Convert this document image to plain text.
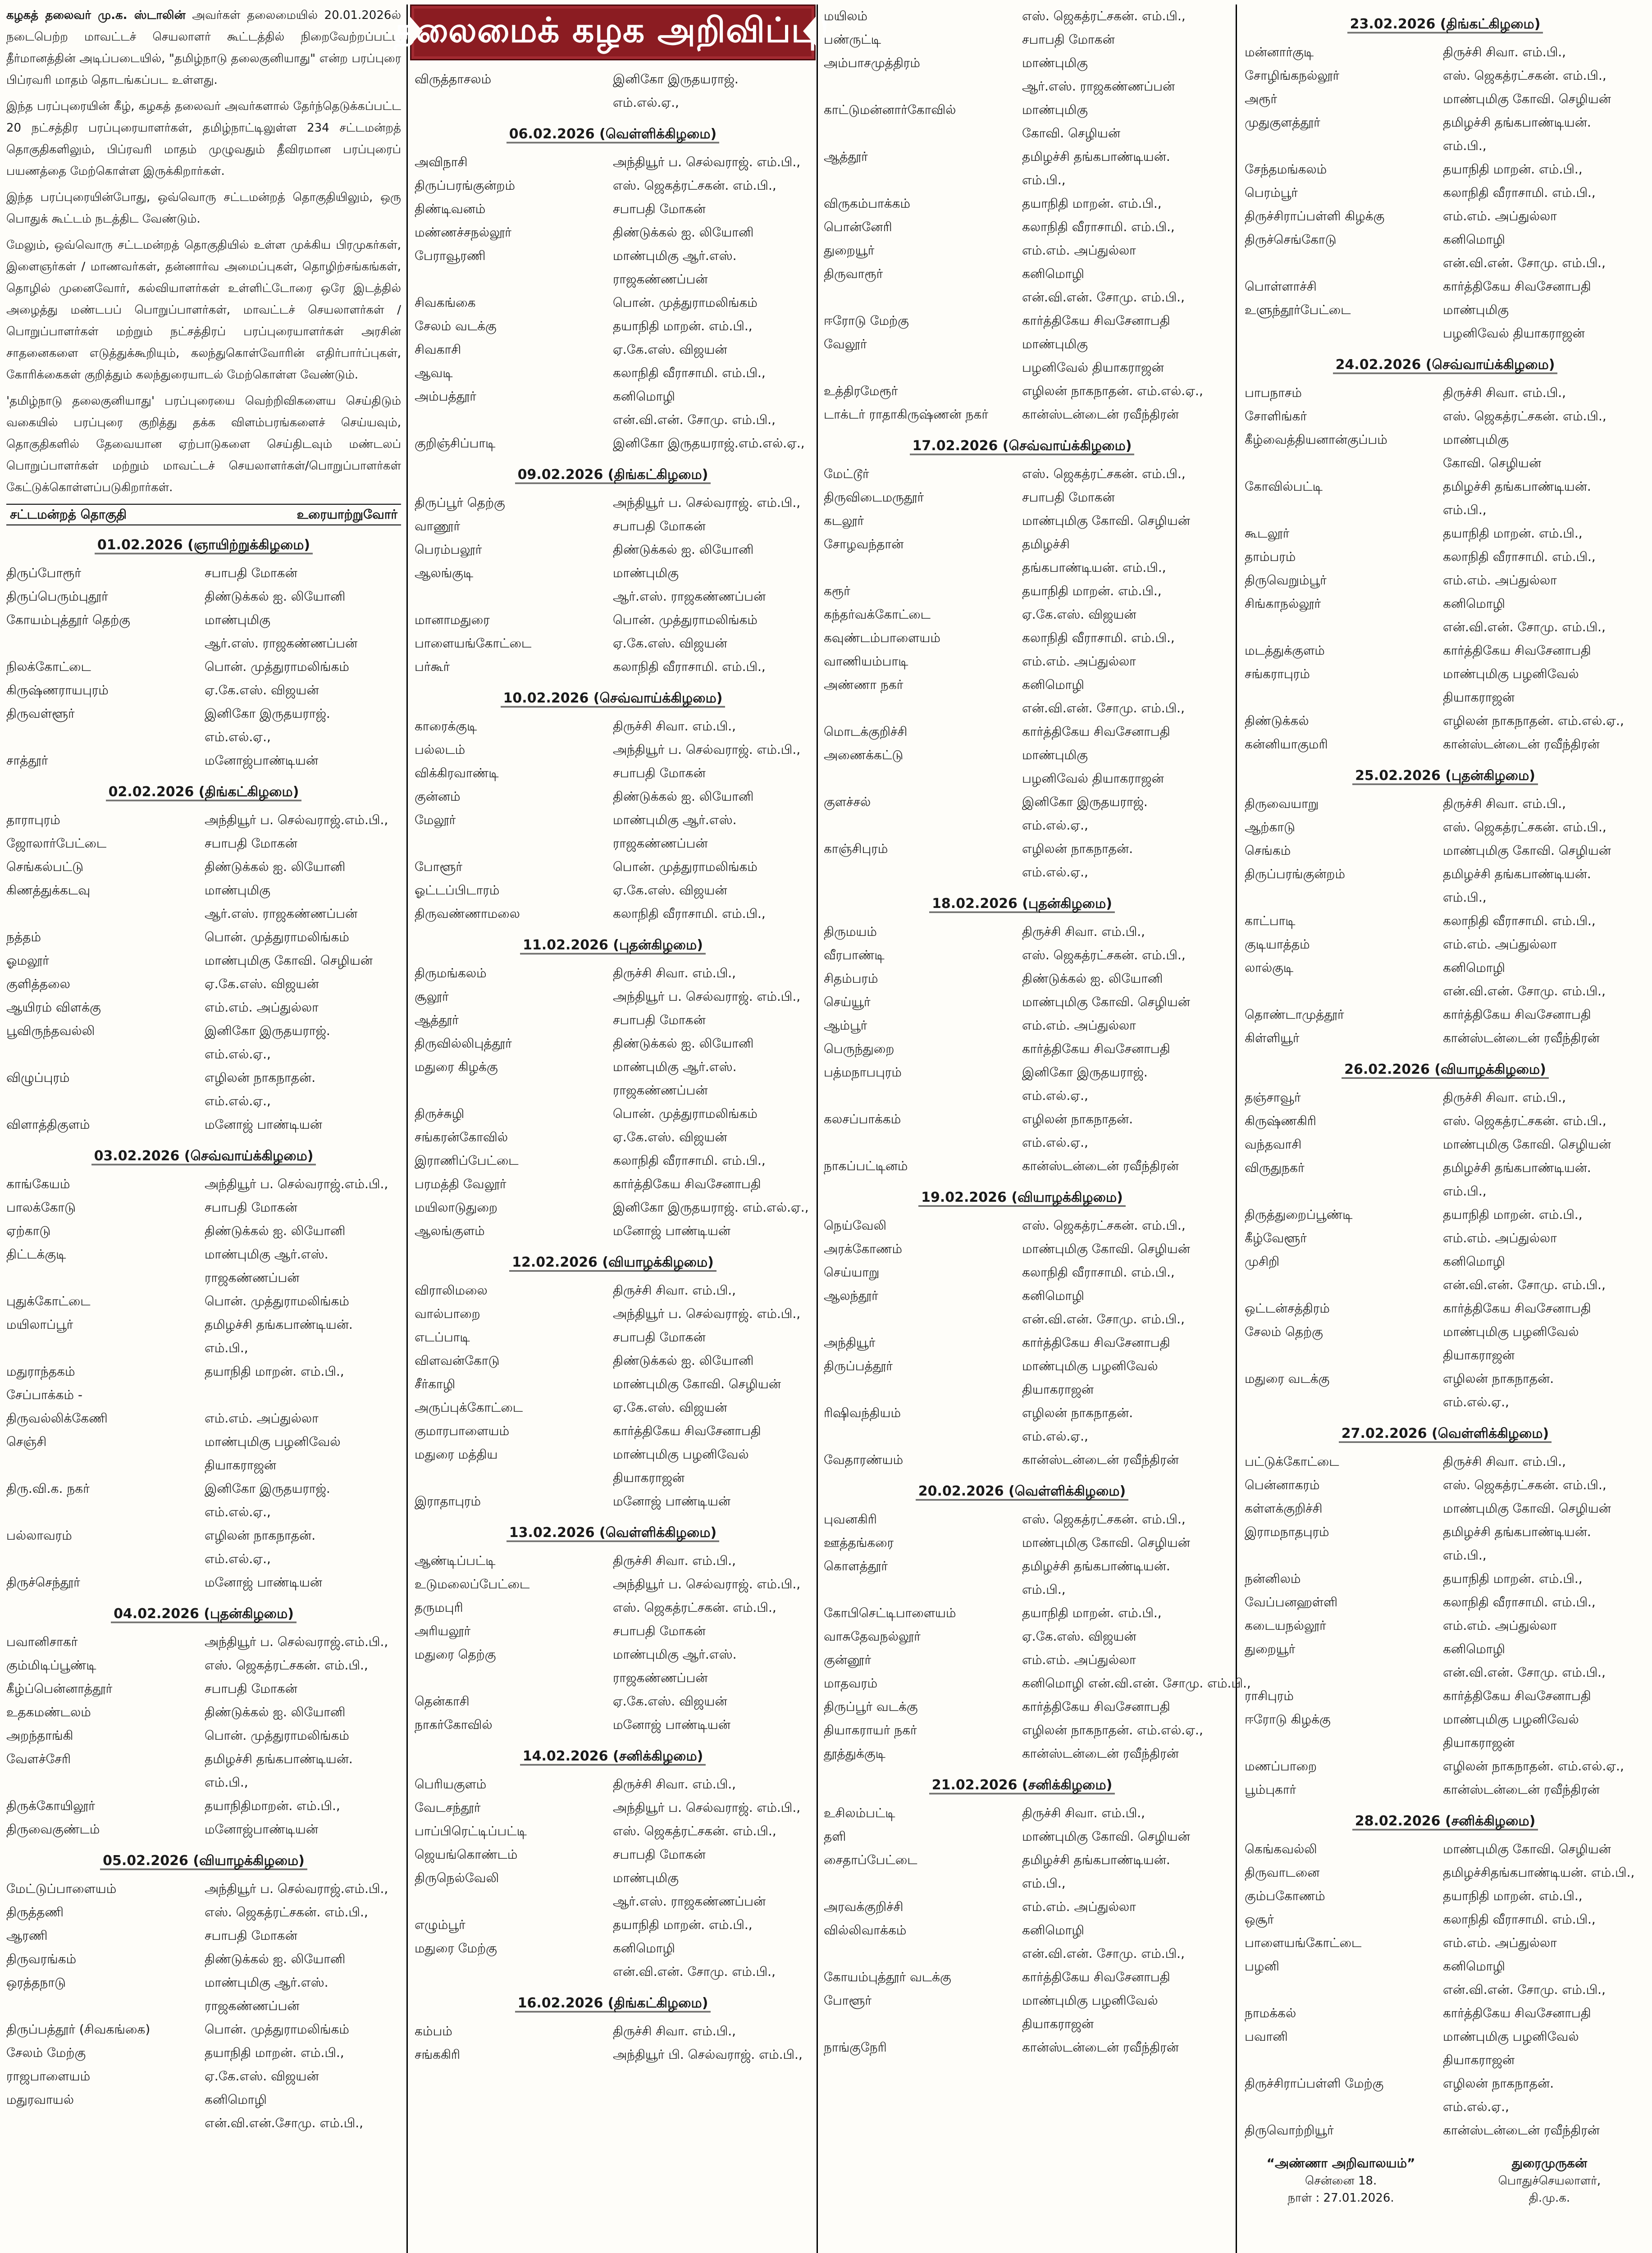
கழகத் தலைவர் மு.க. ஸ்டாலின் அவர்கள் தலைமையில் 20.01.2026ல் நடைபெற்ற மாவட்டச் செயலாளர் கூட்டத்தில் நிறைவேற்றப்பட்ட தீர்மானத்தின் அடிப்படையில், "தமிழ்நாடு தலைகுனியாது" என்ற பரப்புரை பிப்ரவரி மாதம் தொடங்கப்பட உள்ளது.

இந்த பரப்புரையின் கீழ், கழகத் தலைவர் அவர்களால் தேர்ந்தெடுக்கப்பட்ட 20 நட்சத்திர பரப்புரையாளர்கள், தமிழ்நாட்டிலுள்ள 234 சட்டமன்றத் தொகுதிகளிலும், பிப்ரவரி மாதம் முழுவதும் தீவிரமான பரப்புரைப் பயணத்தை மேற்கொள்ள இருக்கிறார்கள்.

இந்த பரப்புரையின்போது, ஒவ்வொரு சட்டமன்றத் தொகுதியிலும், ஒரு பொதுக் கூட்டம் நடத்திட வேண்டும்.

மேலும், ஒவ்வொரு சட்டமன்றத் தொகுதியில் உள்ள முக்கிய பிரமுகர்கள், இளைஞர்கள் / மாணவர்கள், தன்னார்வ அமைப்புகள், தொழிற்சங்கங்கள், தொழில் முனைவோர், கல்வியாளர்கள் உள்ளிட்டோரை ஒரே இடத்தில் அழைத்து மண்டபப் பொறுப்பாளர்கள், மாவட்டச் செயலாளர்கள் / பொறுப்பாளர்கள் மற்றும் நட்சத்திரப் பரப்புரையாளர்கள் அரசின் சாதனைகளை எடுத்துக்கூறியும், கலந்துகொள்வோரின் எதிர்பார்ப்புகள், கோரிக்கைகள் குறித்தும் கலந்துரையாடல் மேற்கொள்ள வேண்டும்.

'தமிழ்நாடு தலைகுனியாது' பரப்புரையை வெற்றிவிகளைய செய்திடும் வகையில் பரப்புரை குறித்து தக்க விளம்பரங்களைச் செய்யவும், தொகுதிகளில் தேவையான ஏற்பாடுகளை செய்திடவும் மண்டலப் பொறுப்பாளர்கள் மற்றும் மாவட்டச் செயலாளர்கள்/பொறுப்பாளர்கள் கேட்டுக்கொள்ளப்படுகிறார்கள்.

சட்டமன்றத் தொகுதி	உரையாற்றுவோர்
01.02.2026 (ஞாயிற்றுக்கிழமை)
திருப்போரூர்	சபாபதி மோகன்
திருப்பெரும்புதூர்	திண்டுக்கல் ஐ. லியோனி
கோயம்புத்தூர் தெற்கு	மாண்புமிகு
ஆர்.எஸ். ராஜகண்ணப்பன்
நிலக்கோட்டை	பொன். முத்துராமலிங்கம்
கிருஷ்ணராயபுரம்	ஏ.கே.எஸ். விஜயன்
திருவள்ளூர்	இனிகோ இருதயராஜ்.
எம்.எல்.ஏ.,
சாத்தூர்	மனோஜ்பாண்டியன்
02.02.2026 (திங்கட்கிழமை)
தாராபுரம்	அந்தியூர் ப. செல்வராஜ்.எம்.பி.,
ஜோலார்பேட்டை	சபாபதி மோகன்
செங்கல்பட்டு	திண்டுக்கல் ஐ. லியோனி
கிணத்துக்கடவு	மாண்புமிகு
ஆர்.எஸ். ராஜகண்ணப்பன்
நத்தம்	பொன். முத்துராமலிங்கம்
ஓமலூர்	மாண்புமிகு கோவி. செழியன்
குளித்தலை	ஏ.கே.எஸ். விஜயன்
ஆயிரம் விளக்கு	எம்.எம். அப்துல்லா
பூவிருந்தவல்லி	இனிகோ இருதயராஜ்.
எம்.எல்.ஏ.,
விழுப்புரம்	எழிலன் நாகநாதன்.
எம்.எல்.ஏ.,
விளாத்திகுளம்	மனோஜ் பாண்டியன்
03.02.2026 (செவ்வாய்க்கிழமை)
காங்கேயம்	அந்தியூர் ப. செல்வராஜ்.எம்.பி.,
பாலக்கோடு	சபாபதி மோகன்
ஏற்காடு	திண்டுக்கல் ஐ. லியோனி
திட்டக்குடி	மாண்புமிகு ஆர்.எஸ்.
ராஜகண்ணப்பன்
புதுக்கோட்டை	பொன். முத்துராமலிங்கம்
மயிலாப்பூர்	தமிழச்சி தங்கபாண்டியன்.
எம்.பி.,
மதுராந்தகம்	தயாநிதி மாறன். எம்.பி.,
சேப்பாக்கம் -
திருவல்லிக்கேணி	எம்.எம். அப்துல்லா
செஞ்சி	மாண்புமிகு பழனிவேல்
தியாகராஜன்
திரு.வி.க. நகர்	இனிகோ இருதயராஜ்.
எம்.எல்.ஏ.,
பல்லாவரம்	எழிலன் நாகநாதன்.
எம்.எல்.ஏ.,
திருச்செந்தூர்	மனோஜ் பாண்டியன்
04.02.2026 (புதன்கிழமை)
பவானிசாகர்	அந்தியூர் ப. செல்வராஜ்.எம்.பி.,
கும்மிடிப்பூண்டி	எஸ். ஜெகத்ரட்சகன். எம்.பி.,
கீழ்ப்பென்னாத்தூர்	சபாபதி மோகன்
உதகமண்டலம்	திண்டுக்கல் ஐ. லியோனி
அறந்தாங்கி	பொன். முத்துராமலிங்கம்
வேளச்சேரி	தமிழச்சி தங்கபாண்டியன்.
எம்.பி.,
திருக்கோயிலூர்	தயாநிதிமாறன். எம்.பி.,
திருவைகுண்டம்	மனோஜ்பாண்டியன்
05.02.2026 (வியாழக்கிழமை)
மேட்டுப்பாளையம்	அந்தியூர் ப. செல்வராஜ்.எம்.பி.,
திருத்தணி	எஸ். ஜெகத்ரட்சகன். எம்.பி.,
ஆரணி	சபாபதி மோகன்
திருவரங்கம்	திண்டுக்கல் ஐ. லியோனி
ஒரத்தநாடு	மாண்புமிகு ஆர்.எஸ்.
ராஜகண்ணப்பன்
திருப்பத்தூர் (சிவகங்கை)	பொன். முத்துராமலிங்கம்
சேலம் மேற்கு	தயாநிதி மாறன். எம்.பி.,
ராஜபாளையம்	ஏ.கே.எஸ். விஜயன்
மதுரவாயல்	கனிமொழி
என்.வி.என்.சோமு. எம்.பி.,
தலைமைக் கழக அறிவிப்பு!
விருத்தாசலம்	இனிகோ இருதயராஜ்.
எம்.எல்.ஏ.,
06.02.2026 (வெள்ளிக்கிழமை)
அவிநாசி	அந்தியூர் ப. செல்வராஜ். எம்.பி.,
திருப்பரங்குன்றம்	எஸ். ஜெகத்ரட்சகன். எம்.பி.,
திண்டிவனம்	சபாபதி மோகன்
மண்ணச்சநல்லூர்	திண்டுக்கல் ஐ. லியோனி
பேராவூரணி	மாண்புமிகு ஆர்.எஸ்.
ராஜகண்ணப்பன்
சிவகங்கை	பொன். முத்துராமலிங்கம்
சேலம் வடக்கு	தயாநிதி மாறன். எம்.பி.,
சிவகாசி	ஏ.கே.எஸ். விஜயன்
ஆவடி	கலாநிதி வீராசாமி. எம்.பி.,
அம்பத்தூர்	கனிமொழி
என்.வி.என். சோமு. எம்.பி.,
குறிஞ்சிப்பாடி	இனிகோ இருதயராஜ்.எம்.எல்.ஏ.,
09.02.2026 (திங்கட்கிழமை)
திருப்பூர் தெற்கு	அந்தியூர் ப. செல்வராஜ். எம்.பி.,
வாணூர்	சபாபதி மோகன்
பெரம்பலூர்	திண்டுக்கல் ஐ. லியோனி
ஆலங்குடி	மாண்புமிகு
ஆர்.எஸ். ராஜகண்ணப்பன்
மானாமதுரை	பொன். முத்துராமலிங்கம்
பாளையங்கோட்டை	ஏ.கே.எஸ். விஜயன்
பர்கூர்	கலாநிதி வீராசாமி. எம்.பி.,
10.02.2026 (செவ்வாய்க்கிழமை)
காரைக்குடி	திருச்சி சிவா. எம்.பி.,
பல்லடம்	அந்தியூர் ப. செல்வராஜ். எம்.பி.,
விக்கிரவாண்டி	சபாபதி மோகன்
குன்னம்	திண்டுக்கல் ஐ. லியோனி
மேலூர்	மாண்புமிகு ஆர்.எஸ்.
ராஜகண்ணப்பன்
போளூர்	பொன். முத்துராமலிங்கம்
ஓட்டப்பிடாரம்	ஏ.கே.எஸ். விஜயன்
திருவண்ணாமலை	கலாநிதி வீராசாமி. எம்.பி.,
11.02.2026 (புதன்கிழமை)
திருமங்கலம்	திருச்சி சிவா. எம்.பி.,
சூலூர்	அந்தியூர் ப. செல்வராஜ். எம்.பி.,
ஆத்தூர்	சபாபதி மோகன்
திருவில்லிபுத்தூர்	திண்டுக்கல் ஐ. லியோனி
மதுரை கிழக்கு	மாண்புமிகு ஆர்.எஸ்.
ராஜகண்ணப்பன்
திருச்சுழி	பொன். முத்துராமலிங்கம்
சங்கரன்கோவில்	ஏ.கே.எஸ். விஜயன்
இராணிப்பேட்டை	கலாநிதி வீராசாமி. எம்.பி.,
பரமத்தி வேலூர்	கார்த்திகேய சிவசேனாபதி
மயிலாடுதுறை	இனிகோ இருதயராஜ். எம்.எல்.ஏ.,
ஆலங்குளம்	மனோஜ் பாண்டியன்
12.02.2026 (வியாழக்கிழமை)
விராலிமலை	திருச்சி சிவா. எம்.பி.,
வால்பாறை	அந்தியூர் ப. செல்வராஜ். எம்.பி.,
எடப்பாடி	சபாபதி மோகன்
விளவன்கோடு	திண்டுக்கல் ஐ. லியோனி
சீர்காழி	மாண்புமிகு கோவி. செழியன்
அருப்புக்கோட்டை	ஏ.கே.எஸ். விஜயன்
குமாரபாளையம்	கார்த்திகேய சிவசேனாபதி
மதுரை மத்திய	மாண்புமிகு பழனிவேல்
தியாகராஜன்
இராதாபுரம்	மனோஜ் பாண்டியன்
13.02.2026 (வெள்ளிக்கிழமை)
ஆண்டிப்பட்டி	திருச்சி சிவா. எம்.பி.,
உடுமலைப்பேட்டை	அந்தியூர் ப. செல்வராஜ். எம்.பி.,
தருமபுரி	எஸ். ஜெகத்ரட்சகன். எம்.பி.,
அரியலூர்	சபாபதி மோகன்
மதுரை தெற்கு	மாண்புமிகு ஆர்.எஸ்.
ராஜகண்ணப்பன்
தென்காசி	ஏ.கே.எஸ். விஜயன்
நாகர்கோவில்	மனோஜ் பாண்டியன்
14.02.2026 (சனிக்கிழமை)
பெரியகுளம்	திருச்சி சிவா. எம்.பி.,
வேடசந்தூர்	அந்தியூர் ப. செல்வராஜ். எம்.பி.,
பாப்பிரெட்டிப்பட்டி	எஸ். ஜெகத்ரட்சகன். எம்.பி.,
ஜெயங்கொண்டம்	சபாபதி மோகன்
திருநெல்வேலி	மாண்புமிகு
ஆர்.எஸ். ராஜகண்ணப்பன்
எழும்பூர்	தயாநிதி மாறன். எம்.பி.,
மதுரை மேற்கு	கனிமொழி
என்.வி.என். சோமு. எம்.பி.,
16.02.2026 (திங்கட்கிழமை)
கம்பம்	திருச்சி சிவா. எம்.பி.,
சங்ககிரி	அந்தியூர் பி. செல்வராஜ். எம்.பி.,
மயிலம்	எஸ். ஜெகத்ரட்சகன். எம்.பி.,
பண்ருட்டி	சபாபதி மோகன்
அம்பாசமுத்திரம்	மாண்புமிகு
ஆர்.எஸ். ராஜகண்ணப்பன்
காட்டுமன்னார்கோவில்	மாண்புமிகு
கோவி. செழியன்
ஆத்தூர்	தமிழச்சி தங்கபாண்டியன்.
எம்.பி.,
விருகம்பாக்கம்	தயாநிதி மாறன். எம்.பி.,
பொன்னேரி	கலாநிதி வீராசாமி. எம்.பி.,
துறையூர்	எம்.எம். அப்துல்லா
திருவாரூர்	கனிமொழி
என்.வி.என். சோமு. எம்.பி.,
ஈரோடு மேற்கு	கார்த்திகேய சிவசேனாபதி
வேலூர்	மாண்புமிகு
பழனிவேல் தியாகராஜன்
உத்திரமேரூர்	எழிலன் நாகநாதன். எம்.எல்.ஏ.,
டாக்டர் ராதாகிருஷ்ணன் நகர்	கான்ஸ்டன்டைன் ரவீந்திரன்
17.02.2026 (செவ்வாய்க்கிழமை)
மேட்டூர்	எஸ். ஜெகத்ரட்சகன். எம்.பி.,
திருவிடைமருதூர்	சபாபதி மோகன்
கடலூர்	மாண்புமிகு கோவி. செழியன்
சோழவந்தான்	தமிழச்சி
தங்கபாண்டியன். எம்.பி.,
கரூர்	தயாநிதி மாறன். எம்.பி.,
கந்தர்வக்கோட்டை	ஏ.கே.எஸ். விஜயன்
கவுண்டம்பாளையம்	கலாநிதி வீராசாமி. எம்.பி.,
வாணியம்பாடி	எம்.எம். அப்துல்லா
அண்ணா நகர்	கனிமொழி
என்.வி.என். சோமு. எம்.பி.,
மொடக்குறிச்சி	கார்த்திகேய சிவசேனாபதி
அணைக்கட்டு	மாண்புமிகு
பழனிவேல் தியாகராஜன்
குளச்சல்	இனிகோ இருதயராஜ்.
எம்.எல்.ஏ.,
காஞ்சிபுரம்	எழிலன் நாகநாதன்.
எம்.எல்.ஏ.,
18.02.2026 (புதன்கிழமை)
திருமயம்	திருச்சி சிவா. எம்.பி.,
வீரபாண்டி	எஸ். ஜெகத்ரட்சகன். எம்.பி.,
சிதம்பரம்	திண்டுக்கல் ஐ. லியோனி
செய்யூர்	மாண்புமிகு கோவி. செழியன்
ஆம்பூர்	எம்.எம். அப்துல்லா
பெருந்துறை	கார்த்திகேய சிவசேனாபதி
பத்மநாபபுரம்	இனிகோ இருதயராஜ்.
எம்.எல்.ஏ.,
கலசப்பாக்கம்	எழிலன் நாகநாதன்.
எம்.எல்.ஏ.,
நாகப்பட்டினம்	கான்ஸ்டன்டைன் ரவீந்திரன்
19.02.2026 (வியாழக்கிழமை)
நெய்வேலி	எஸ். ஜெகத்ரட்சகன். எம்.பி.,
அரக்கோணம்	மாண்புமிகு கோவி. செழியன்
செய்யாறு	கலாநிதி வீராசாமி. எம்.பி.,
ஆலந்தூர்	கனிமொழி
என்.வி.என். சோமு. எம்.பி.,
அந்தியூர்	கார்த்திகேய சிவசேனாபதி
திருப்பத்தூர்	மாண்புமிகு பழனிவேல்
தியாகராஜன்
ரிஷிவந்தியம்	எழிலன் நாகநாதன்.
எம்.எல்.ஏ.,
வேதாரண்யம்	கான்ஸ்டன்டைன் ரவீந்திரன்
20.02.2026 (வெள்ளிக்கிழமை)
புவனகிரி	எஸ். ஜெகத்ரட்சகன். எம்.பி.,
ஊத்தங்கரை	மாண்புமிகு கோவி. செழியன்
கொளத்தூர்	தமிழச்சி தங்கபாண்டியன்.
எம்.பி.,
கோபிசெட்டிபாளையம்	தயாநிதி மாறன். எம்.பி.,
வாசுதேவநல்லூர்	ஏ.கே.எஸ். விஜயன்
குன்னூர்	எம்.எம். அப்துல்லா
மாதவரம்	கனிமொழி என்.வி.என். சோமு. எம்.பி.,
திருப்பூர் வடக்கு	கார்த்திகேய சிவசேனாபதி
தியாகராயர் நகர்	எழிலன் நாகநாதன். எம்.எல்.ஏ.,
தூத்துக்குடி	கான்ஸ்டன்டைன் ரவீந்திரன்
21.02.2026 (சனிக்கிழமை)
உசிலம்பட்டி	திருச்சி சிவா. எம்.பி.,
தளி	மாண்புமிகு கோவி. செழியன்
சைதாப்பேட்டை	தமிழச்சி தங்கபாண்டியன்.
எம்.பி.,
அரவக்குறிச்சி	எம்.எம். அப்துல்லா
வில்லிவாக்கம்	கனிமொழி
என்.வி.என். சோமு. எம்.பி.,
கோயம்புத்தூர் வடக்கு	கார்த்திகேய சிவசேனாபதி
போளூர்	மாண்புமிகு பழனிவேல்
தியாகராஜன்
நாங்குநேரி	கான்ஸ்டன்டைன் ரவீந்திரன்
23.02.2026 (திங்கட்கிழமை)
மன்னார்குடி	திருச்சி சிவா. எம்.பி.,
சோழிங்கநல்லூர்	எஸ். ஜெகத்ரட்சகன். எம்.பி.,
அரூர்	மாண்புமிகு கோவி. செழியன்
முதுகுளத்தூர்	தமிழச்சி தங்கபாண்டியன்.
எம்.பி.,
சேந்தமங்கலம்	தயாநிதி மாறன். எம்.பி.,
பெரம்பூர்	கலாநிதி வீராசாமி. எம்.பி.,
திருச்சிராப்பள்ளி கிழக்கு	எம்.எம். அப்துல்லா
திருச்செங்கோடு	கனிமொழி
என்.வி.என். சோமு. எம்.பி.,
பொள்ளாச்சி	கார்த்திகேய சிவசேனாபதி
உளுந்தூர்பேட்டை	மாண்புமிகு
பழனிவேல் தியாகராஜன்
24.02.2026 (செவ்வாய்க்கிழமை)
பாபநாசம்	திருச்சி சிவா. எம்.பி.,
சோளிங்கர்	எஸ். ஜெகத்ரட்சகன். எம்.பி.,
கீழ்வைத்தியனான்குப்பம்	மாண்புமிகு
கோவி. செழியன்
கோவில்பட்டி	தமிழச்சி தங்கபாண்டியன்.
எம்.பி.,
கூடலூர்	தயாநிதி மாறன். எம்.பி.,
தாம்பரம்	கலாநிதி வீராசாமி. எம்.பி.,
திருவெறும்பூர்	எம்.எம். அப்துல்லா
சிங்காநல்லூர்	கனிமொழி
என்.வி.என். சோமு. எம்.பி.,
மடத்துக்குளம்	கார்த்திகேய சிவசேனாபதி
சங்கராபுரம்	மாண்புமிகு பழனிவேல்
தியாகராஜன்
திண்டுக்கல்	எழிலன் நாகநாதன். எம்.எல்.ஏ.,
கன்னியாகுமரி	கான்ஸ்டன்டைன் ரவீந்திரன்
25.02.2026 (புதன்கிழமை)
திருவையாறு	திருச்சி சிவா. எம்.பி.,
ஆற்காடு	எஸ். ஜெகத்ரட்சகன். எம்.பி.,
செங்கம்	மாண்புமிகு கோவி. செழியன்
திருப்பரங்குன்றம்	தமிழச்சி தங்கபாண்டியன்.
எம்.பி.,
காட்பாடி	கலாநிதி வீராசாமி. எம்.பி.,
குடியாத்தம்	எம்.எம். அப்துல்லா
லால்குடி	கனிமொழி
என்.வி.என். சோமு. எம்.பி.,
தொண்டாமுத்தூர்	கார்த்திகேய சிவசேனாபதி
கிள்ளியூர்	கான்ஸ்டன்டைன் ரவீந்திரன்
26.02.2026 (வியாழக்கிழமை)
தஞ்சாவூர்	திருச்சி சிவா. எம்.பி.,
கிருஷ்ணகிரி	எஸ். ஜெகத்ரட்சகன். எம்.பி.,
வந்தவாசி	மாண்புமிகு கோவி. செழியன்
விருதுநகர்	தமிழச்சி தங்கபாண்டியன்.
எம்.பி.,
திருத்துறைப்பூண்டி	தயாநிதி மாறன். எம்.பி.,
கீழ்வேளூர்	எம்.எம். அப்துல்லா
முசிறி	கனிமொழி
என்.வி.என். சோமு. எம்.பி.,
ஒட்டன்சத்திரம்	கார்த்திகேய சிவசேனாபதி
சேலம் தெற்கு	மாண்புமிகு பழனிவேல்
தியாகராஜன்
மதுரை வடக்கு	எழிலன் நாகநாதன்.
எம்.எல்.ஏ.,
27.02.2026 (வெள்ளிக்கிழமை)
பட்டுக்கோட்டை	திருச்சி சிவா. எம்.பி.,
பென்னாகரம்	எஸ். ஜெகத்ரட்சகன். எம்.பி.,
கள்ளக்குறிச்சி	மாண்புமிகு கோவி. செழியன்
இராமநாதபுரம்	தமிழச்சி தங்கபாண்டியன்.
எம்.பி.,
நன்னிலம்	தயாநிதி மாறன். எம்.பி.,
வேப்பனஹள்ளி	கலாநிதி வீராசாமி. எம்.பி.,
கடையநல்லூர்	எம்.எம். அப்துல்லா
துறையூர்	கனிமொழி
என்.வி.என். சோமு. எம்.பி.,
ராசிபுரம்	கார்த்திகேய சிவசேனாபதி
ஈரோடு கிழக்கு	மாண்புமிகு பழனிவேல்
தியாகராஜன்
மணப்பாறை	எழிலன் நாகநாதன். எம்.எல்.ஏ.,
பூம்புகார்	கான்ஸ்டன்டைன் ரவீந்திரன்
28.02.2026 (சனிக்கிழமை)
கெங்கவல்லி	மாண்புமிகு கோவி. செழியன்
திருவாடனை	தமிழச்சிதங்கபாண்டியன். எம்.பி.,
கும்பகோணம்	தயாநிதி மாறன். எம்.பி.,
ஒசூர்	கலாநிதி வீராசாமி. எம்.பி.,
பாளையங்கோட்டை	எம்.எம். அப்துல்லா
பழனி	கனிமொழி
என்.வி.என். சோமு. எம்.பி.,
நாமக்கல்	கார்த்திகேய சிவசேனாபதி
பவானி	மாண்புமிகு பழனிவேல்
தியாகராஜன்
திருச்சிராப்பள்ளி மேற்கு	எழிலன் நாகநாதன்.
எம்.எல்.ஏ.,
திருவொற்றியூர்	கான்ஸ்டன்டைன் ரவீந்திரன்
“அண்ணா அறிவாலயம்”
சென்னை 18.
நாள் : 27.01.2026.
துரைமுருகன்
பொதுச்செயலாளர்,
தி.மு.க.
